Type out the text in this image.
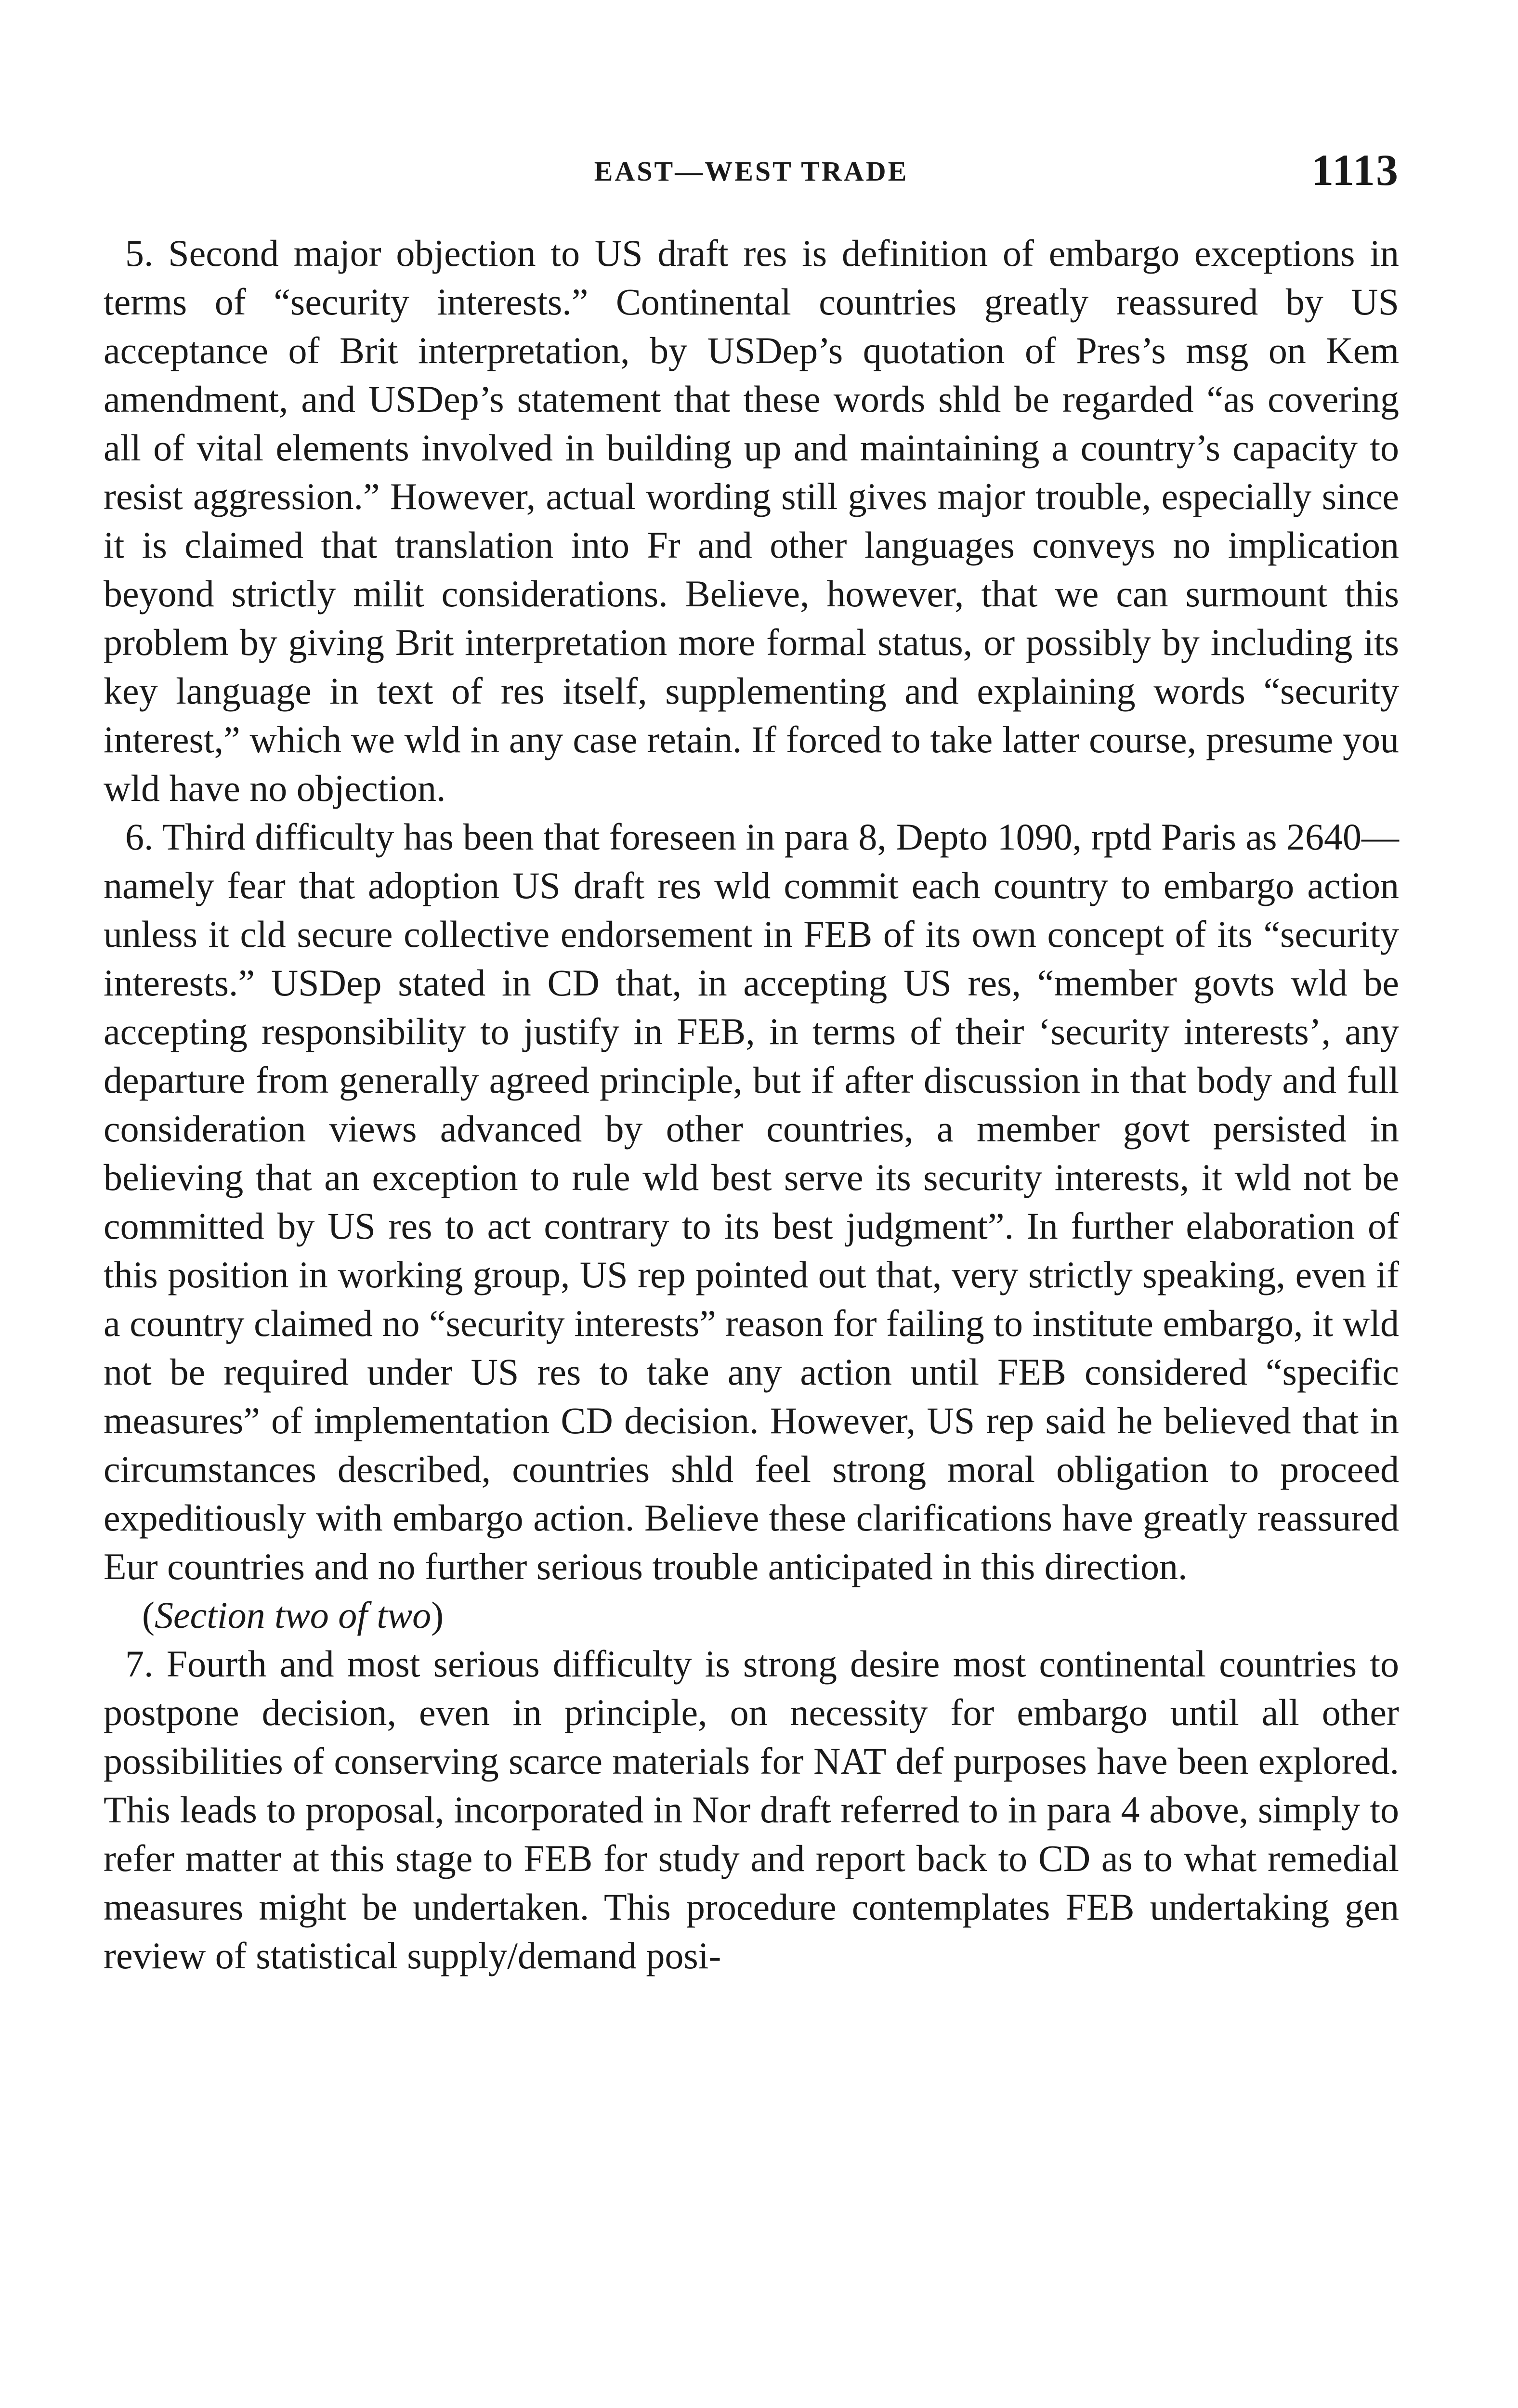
EAST—WEST TRADE	1113

5. Second major objection to US draft res is definition of embargo exceptions in terms of “security interests.” Continental countries greatly reassured by US acceptance of Brit interpretation, by USDep’s quotation of Pres’s msg on Kem amendment, and USDep’s statement that these words shld be regarded “as covering all of vital elements involved in building up and maintaining a country’s capacity to resist aggression.” However, actual wording still gives major trouble, especially since it is claimed that translation into Fr and other languages conveys no implication beyond strictly milit considerations. Believe, however, that we can surmount this problem by giving Brit interpretation more formal status, or possibly by including its key language in text of res itself, supplementing and explaining words “security interest,” which we wld in any case retain. If forced to take latter course, presume you wld have no objection.

6. Third difficulty has been that foreseen in para 8, Depto 1090, rptd Paris as 2640—namely fear that adoption US draft res wld commit each country to embargo action unless it cld secure collective endorsement in FEB of its own concept of its “security interests.” USDep stated in CD that, in accepting US res, “member govts wld be accepting responsibility to justify in FEB, in terms of their ‘security interests’, any departure from generally agreed principle, but if after discussion in that body and full consideration views advanced by other countries, a member govt persisted in believing that an exception to rule wld best serve its security interests, it wld not be committed by US res to act contrary to its best judgment”. In further elaboration of this position in working group, US rep pointed out that, very strictly speaking, even if a country claimed no “security interests” reason for failing to institute embargo, it wld not be required under US res to take any action until FEB considered “specific measures” of implementation CD decision. However, US rep said he believed that in circumstances described, countries shld feel strong moral obligation to proceed expeditiously with embargo action. Believe these clarifications have greatly reassured Eur countries and no further serious trouble anticipated in this direction.

(Section two of two)

7. Fourth and most serious difficulty is strong desire most continental countries to postpone decision, even in principle, on necessity for embargo until all other possibilities of conserving scarce materials for NAT def purposes have been explored. This leads to proposal, incorporated in Nor draft referred to in para 4 above, simply to refer matter at this stage to FEB for study and report back to CD as to what remedial measures might be undertaken. This procedure contemplates FEB undertaking gen review of statistical supply/demand posi-
